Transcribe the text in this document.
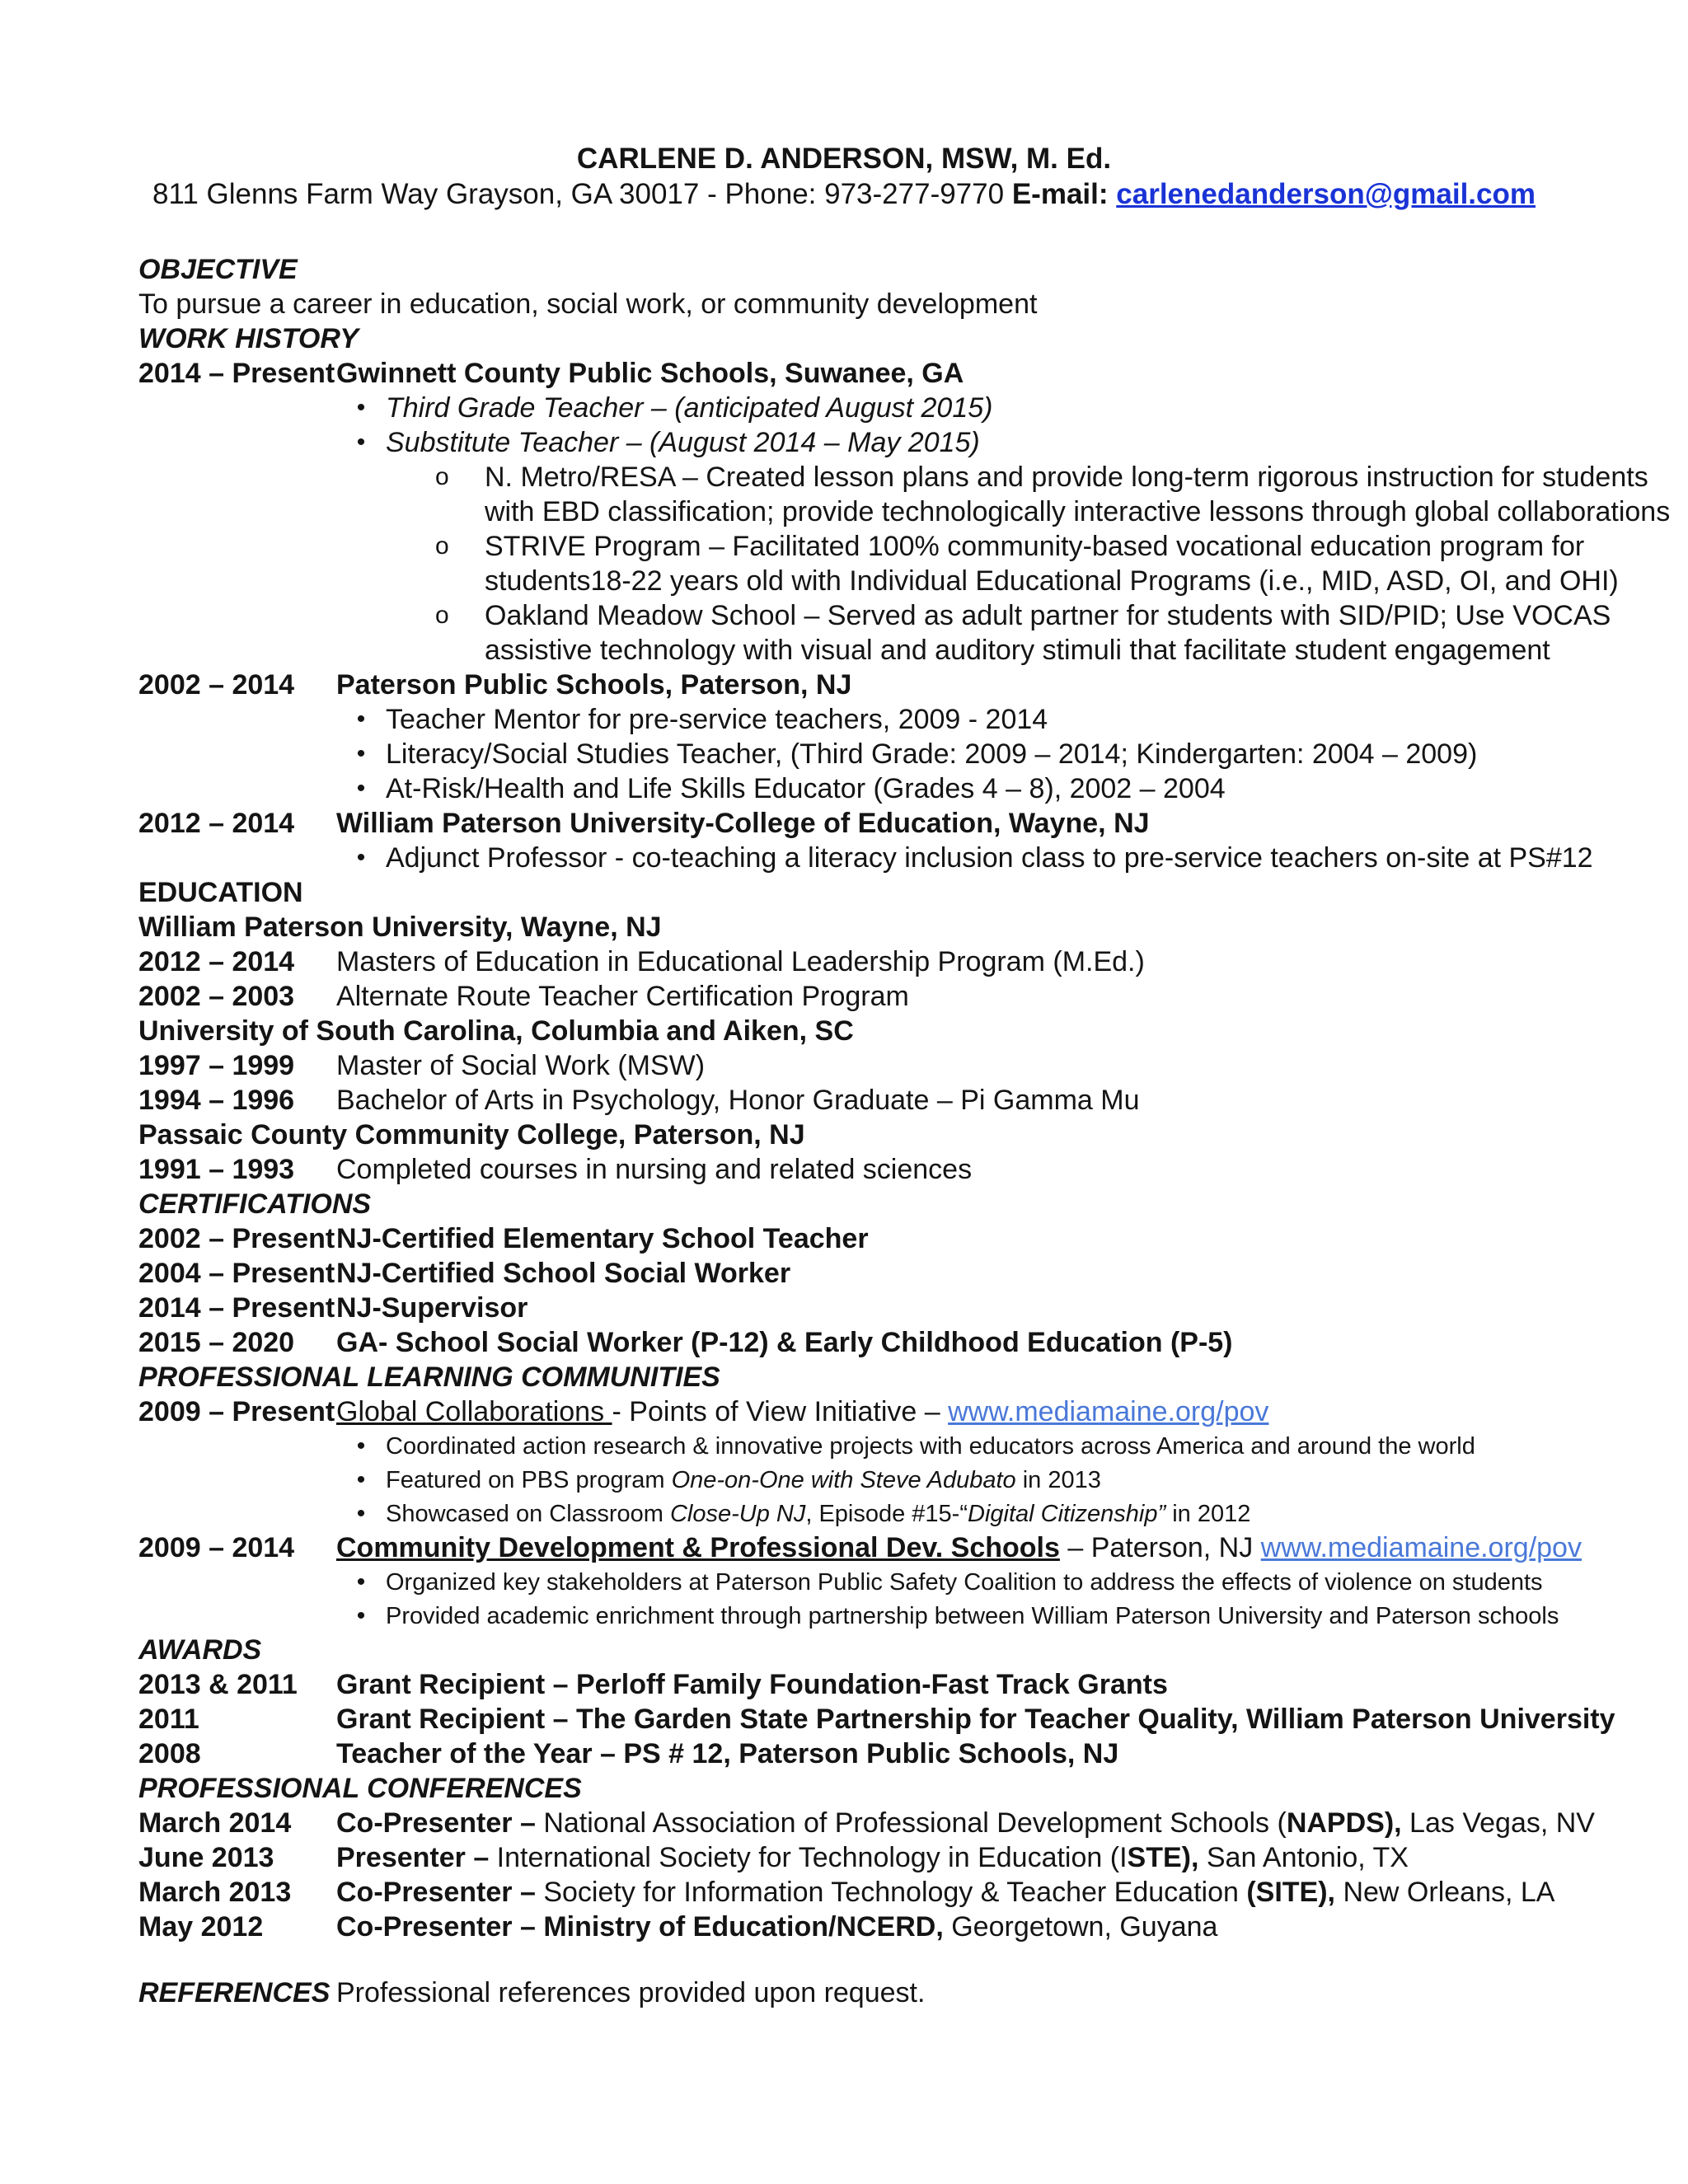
CARLENE D. ANDERSON, MSW, M. Ed.
811 Glenns Farm Way Grayson, GA 30017 - Phone: 973-277-9770 E-mail: carlenedanderson@gmail.com
OBJECTIVE
To pursue a career in education, social work, or community development
WORK HISTORY
2014 – Present Gwinnett County Public Schools, Suwanee, GA
• Third Grade Teacher – (anticipated August 2015)
• Substitute Teacher – (August 2014 – May 2015)
o N. Metro/RESA – Created lesson plans and provide long-term rigorous instruction for students
with EBD classification; provide technologically interactive lessons through global collaborations
o STRIVE Program – Facilitated 100% community-based vocational education program for
students18-22 years old with Individual Educational Programs (i.e., MID, ASD, OI, and OHI)
o Oakland Meadow School – Served as adult partner for students with SID/PID; Use VOCAS
assistive technology with visual and auditory stimuli that facilitate student engagement
2002 – 2014 Paterson Public Schools, Paterson, NJ
• Teacher Mentor for pre-service teachers, 2009 - 2014
• Literacy/Social Studies Teacher, (Third Grade: 2009 – 2014; Kindergarten: 2004 – 2009)
• At-Risk/Health and Life Skills Educator (Grades 4 – 8), 2002 – 2004
2012 – 2014 William Paterson University-College of Education, Wayne, NJ
• Adjunct Professor - co-teaching a literacy inclusion class to pre-service teachers on-site at PS#12
EDUCATION
William Paterson University, Wayne, NJ
2012 – 2014 Masters of Education in Educational Leadership Program (M.Ed.)
2002 – 2003 Alternate Route Teacher Certification Program
University of South Carolina, Columbia and Aiken, SC
1997 – 1999 Master of Social Work (MSW)
1994 – 1996 Bachelor of Arts in Psychology, Honor Graduate – Pi Gamma Mu
Passaic County Community College, Paterson, NJ
1991 – 1993 Completed courses in nursing and related sciences
CERTIFICATIONS
2002 – Present NJ-Certified Elementary School Teacher
2004 – Present NJ-Certified School Social Worker
2014 – Present NJ-Supervisor
2015 – 2020 GA- School Social Worker (P-12) & Early Childhood Education (P-5)
PROFESSIONAL LEARNING COMMUNITIES
2009 – Present Global Collaborations - Points of View Initiative – www.mediamaine.org/pov
• Coordinated action research & innovative projects with educators across America and around the world
• Featured on PBS program One-on-One with Steve Adubato in 2013
• Showcased on Classroom Close-Up NJ, Episode #15-“Digital Citizenship” in 2012
2009 – 2014 Community Development & Professional Dev. Schools – Paterson, NJ www.mediamaine.org/pov
• Organized key stakeholders at Paterson Public Safety Coalition to address the effects of violence on students
• Provided academic enrichment through partnership between William Paterson University and Paterson schools
AWARDS
2013 & 2011 Grant Recipient – Perloff Family Foundation-Fast Track Grants
2011	Grant Recipient – The Garden State Partnership for Teacher Quality, William Paterson University
2008	Teacher of the Year – PS # 12, Paterson Public Schools, NJ
PROFESSIONAL CONFERENCES
March 2014 Co-Presenter – National Association of Professional Development Schools (NAPDS), Las Vegas, NV
June 2013 Presenter – International Society for Technology in Education (ISTE), San Antonio, TX
March 2013 Co-Presenter – Society for Information Technology & Teacher Education (SITE), New Orleans, LA
May 2012	Co-Presenter – Ministry of Education/NCERD, Georgetown, Guyana
REFERENCES Professional references provided upon request.
